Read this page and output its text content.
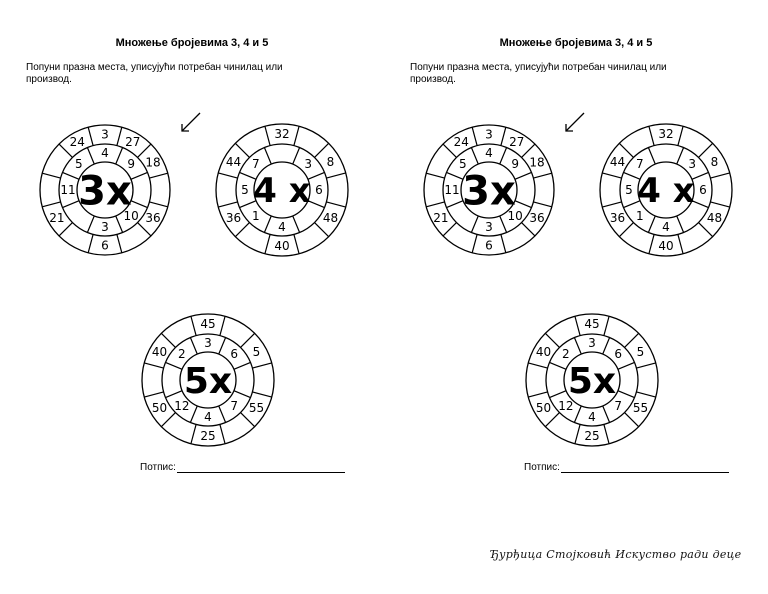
Множење бројевима 3, 4 и 5
Попуни празна места, уписујући потребан чинилац или производ.
3
27
18
36
6
21
24
4
9
10
3
11
5
3x
32
8
48
40
36
44	3
6
4
1
5
7
4 x
45
5
55
25
50
40
3
6
7
4
12
2
5x
Потпис:
Множење бројевима 3, 4 и 5
Попуни празна места, уписујући потребан чинилац или производ.
3
27
18
36
6
21
24
4
9
10
3
11
5
3x
32
8
48
40
36
44	3
6
4
1
5
7
4 x
45
5
55
25
50
40
3
6
7
4
12
2
5x
Потпис:
Ђурђица Стојковић Искуство ради деце
